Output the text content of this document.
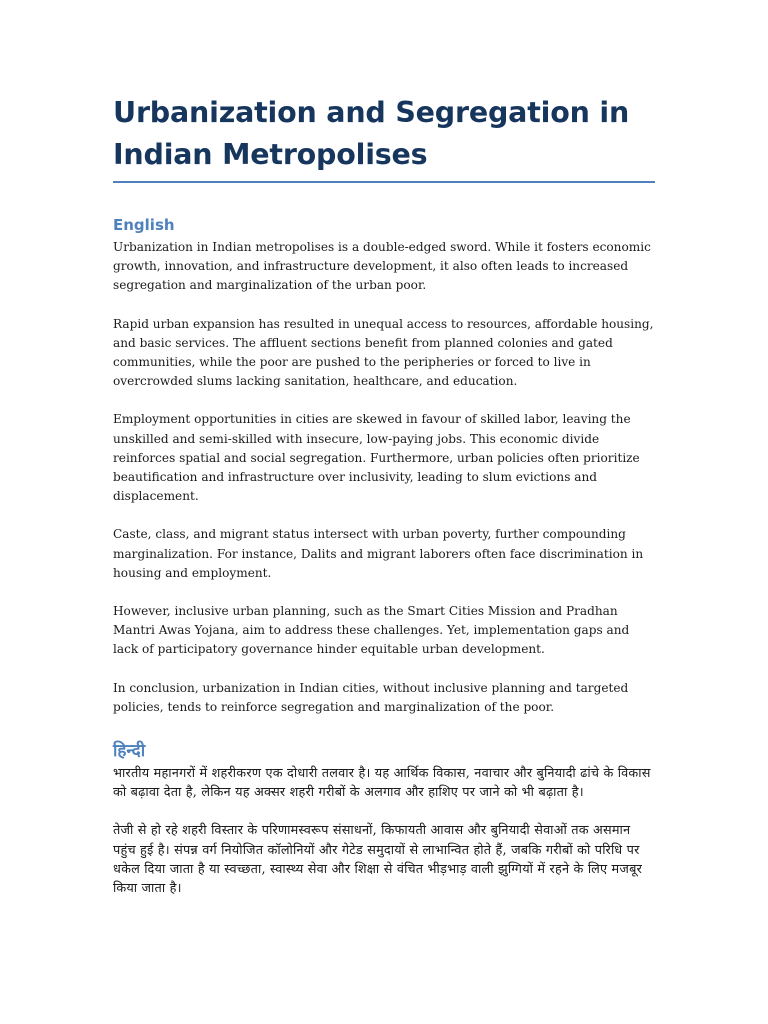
Urbanization and Segregation in Indian Metropolises
English

Urbanization in Indian metropolises is a double-edged sword. While it fosters economic growth, innovation, and infrastructure development, it also often leads to increased segregation and marginalization of the urban poor.

Rapid urban expansion has resulted in unequal access to resources, affordable housing, and basic services. The affluent sections benefit from planned colonies and gated communities, while the poor are pushed to the peripheries or forced to live in overcrowded slums lacking sanitation, healthcare, and education.

Employment opportunities in cities are skewed in favour of skilled labor, leaving the unskilled and semi-skilled with insecure, low-paying jobs. This economic divide reinforces spatial and social segregation. Furthermore, urban policies often prioritize beautification and infrastructure over inclusivity, leading to slum evictions and displacement.

Caste, class, and migrant status intersect with urban poverty, further compounding marginalization. For instance, Dalits and migrant laborers often face discrimination in housing and employment.

However, inclusive urban planning, such as the Smart Cities Mission and Pradhan Mantri Awas Yojana, aim to address these challenges. Yet, implementation gaps and lack of participatory governance hinder equitable urban development.

In conclusion, urbanization in Indian cities, without inclusive planning and targeted policies, tends to reinforce segregation and marginalization of the poor.

हिन्दी

भारतीय महानगरों में शहरीकरण एक दोधारी तलवार है। यह आर्थिक विकास, नवाचार और बुनियादी ढांचे के विकास को बढ़ावा देता है, लेकिन यह अक्सर शहरी गरीबों के अलगाव और हाशिए पर जाने को भी बढ़ाता है।

तेजी से हो रहे शहरी विस्तार के परिणामस्वरूप संसाधनों, किफायती आवास और बुनियादी सेवाओं तक असमान पहुंच हुई है। संपन्न वर्ग नियोजित कॉलोनियों और गेटेड समुदायों से लाभान्वित होते हैं, जबकि गरीबों को परिधि पर धकेल दिया जाता है या स्वच्छता, स्वास्थ्य सेवा और शिक्षा से वंचित भीड़भाड़ वाली झुग्गियों में रहने के लिए मजबूर किया जाता है।
